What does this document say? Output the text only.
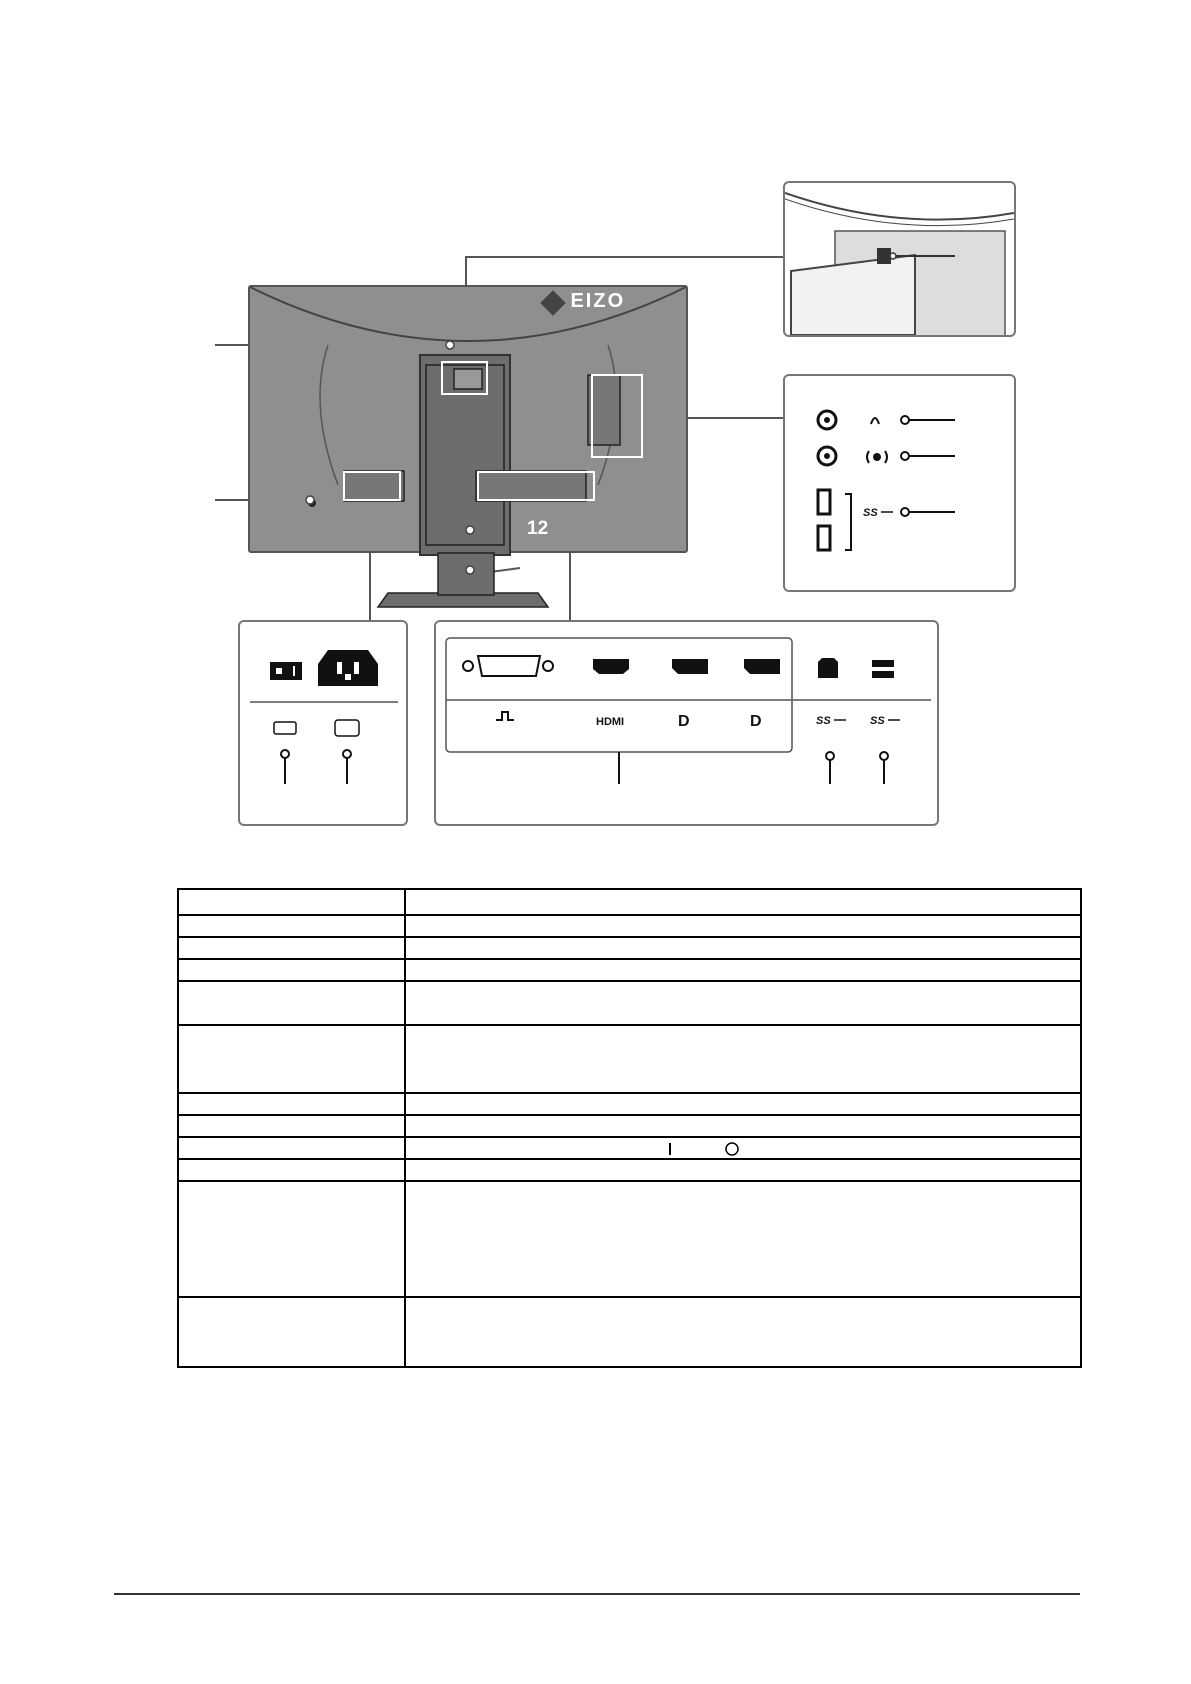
EIZO
12
SS
HDMI	D	D	SS	SS
